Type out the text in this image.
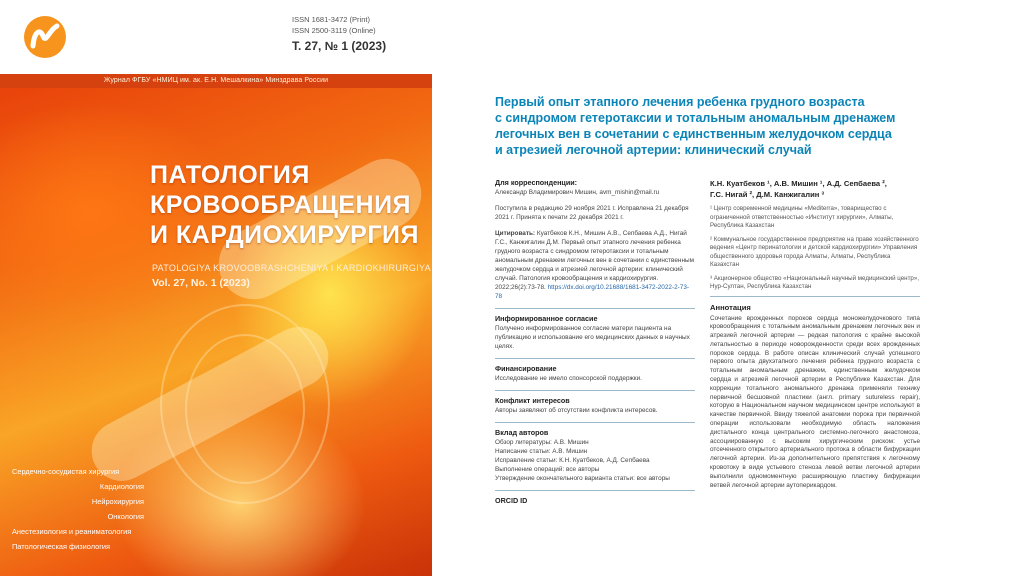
ISSN 1681-3472 (Print)
ISSN 2500-3119 (Online)
Т. 27, № 1 (2023)
Журнал ФГБУ «НМИЦ им. ак. Е.Н. Мешалкина» Минздрава России
ПАТОЛОГИЯ
КРОВООБРАЩЕНИЯ
И КАРДИОХИРУРГИЯ
PATOLOGIYA KROVOOBRASHCHENIYA I KARDIOKHIRURGIYA
Vol. 27, No. 1 (2023)
Сердечно-сосудистая хирургия
Кардиология
Нейрохирургия
Онкология
Анестезиология и реаниматология
Патологическая физиология
Первый опыт этапного лечения ребенка грудного возраста
с синдромом гетеротаксии и тотальным аномальным дренажем
легочных вен в сочетании с единственным желудочком сердца
и атрезией легочной артерии: клинический случай
Для корреспонденции:

Александр Владимирович Мишин, avm_mishin@mail.ru

Поступила в редакцию 29 ноября 2021 г. Исправлена 21 декабря 2021 г. Принята к печати 22 декабря 2021 г.

Цитировать: Куатбеков К.Н., Мишин А.В., Сепбаева А.Д., Нигай Г.С., Канжигалин Д.М. Первый опыт этапного лечения ребенка грудного возраста с синдромом гетеротаксии и тотальным аномальным дренажем легочных вен в сочетании с единственным желудочком сердца и атрезией легочной артерии: клинический случай. Патология кровообращения и кардиохирургия. 2022;26(2):73-78. https://dx.doi.org/10.21688/1681-3472-2022-2-73-78

Информированное согласие

Получено информированное согласие матери пациента на публикацию и использование его медицинских данных в научных целях.

Финансирование

Исследование не имело спонсорской поддержки.

Конфликт интересов

Авторы заявляют об отсутствии конфликта интересов.

Вклад авторов

Обзор литературы: А.В. Мишин

Написание статьи: А.В. Мишин

Исправление статьи: К.Н. Куатбеков, А.Д. Сепбаева

Выполнение операций: все авторы

Утверждение окончательного варианта статьи: все авторы

ORCID ID
К.Н. Куатбеков ¹, А.В. Мишин ¹, А.Д. Сепбаева ²,
Г.С. Нигай ², Д.М. Канжигалин ³
¹ Центр современной медицины «Mediterra», товарищество с ограниченной ответственностью «Институт хирургии», Алматы, Республика Казахстан
² Коммунальное государственное предприятие на праве хозяйственного ведения «Центр перинатологии и детской кардиохирургии» Управления общественного здоровья города Алматы, Алматы, Республика Казахстан
³ Акционерное общество «Национальный научный медицинский центр», Нур-Султан, Республика Казахстан
Аннотация
Сочетание врожденных пороков сердца моножелудочкового типа кровообращения с тотальным аномальным дренажем легочных вен и атрезией легочной артерии — редкая патология с крайне высокой летальностью в периоде новорожденности среди всех врожденных пороков сердца. В работе описан клинический случай успешного первого опыта двухэтапного лечения ребенка грудного возраста с тотальным аномальным дренажем, единственным желудочком сердца и атрезией легочной артерии в Республике Казахстан. Для коррекции тотального аномального дренажа применяли технику первичной бесшовной пластики (англ. primary sutureless repair), которую в Национальном научном медицинском центре используют в качестве первичной. Ввиду тяжелой анатомии порока при первичной операции использовали необходимую область наложения дистального конца центрального системно-легочного анастомоза, ассоциированную с высоким хирургическим риском: устье отсеченного открытого артериального протока в области бифуркации легочной артерии. Из-за дополнительного препятствия к легочному кровотоку в виде устьевого стеноза левой ветви легочной артерии выполнили одномоментную расширяющую пластику бифуркации ветвей легочной артерии аутоперикардом.
